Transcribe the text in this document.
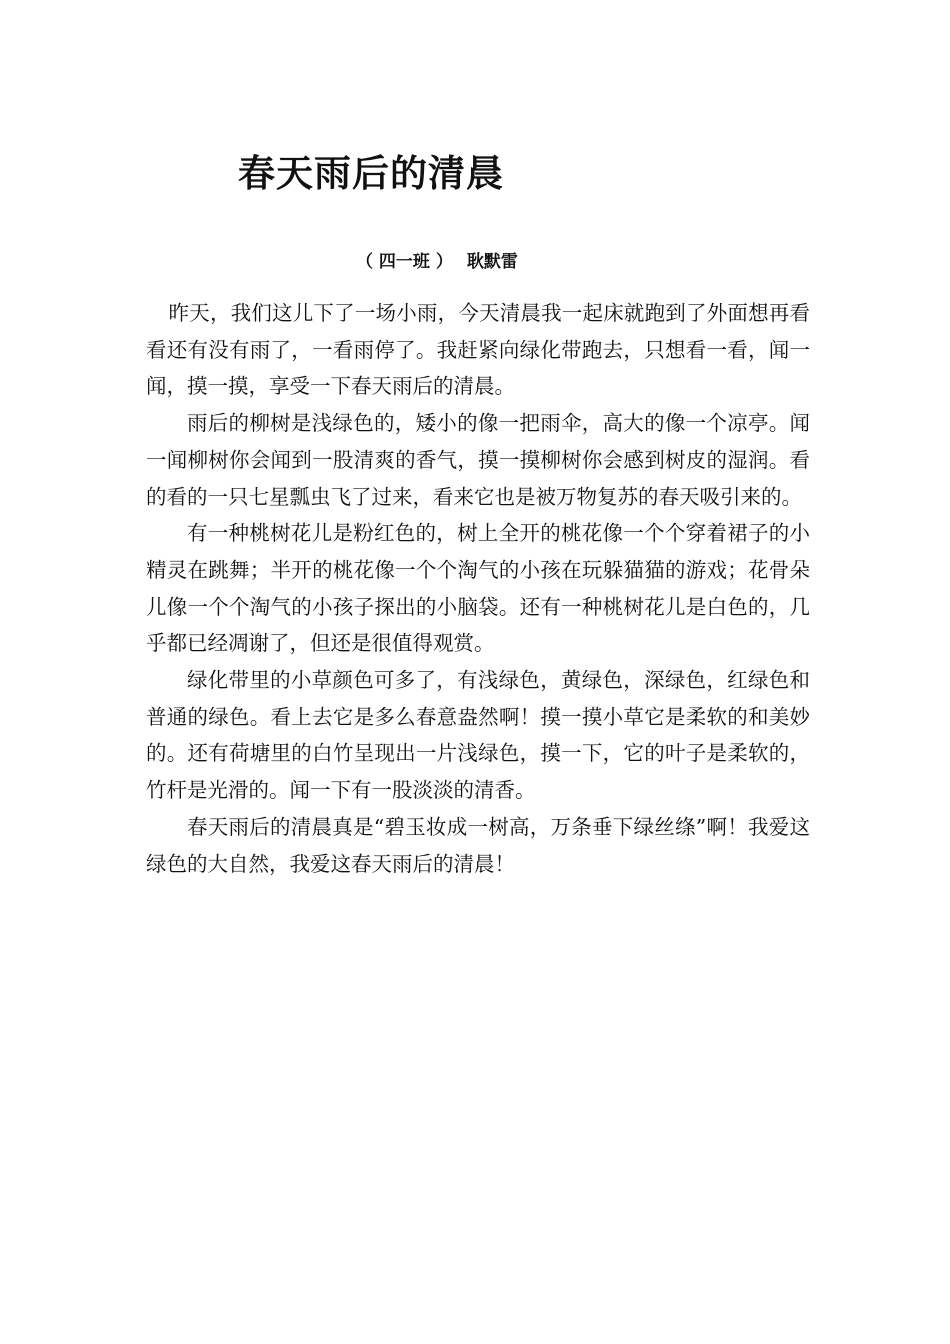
春天雨后的清晨
（ 四一班 ） 耿默雷

昨天，我们这儿下了一场小雨，今天清晨我一起床就跑到了外面想再看看还有没有雨了，一看雨停了。我赶紧向绿化带跑去，只想看一看，闻一闻，摸一摸，享受一下春天雨后的清晨。

雨后的柳树是浅绿色的，矮小的像一把雨伞，高大的像一个凉亭。闻一闻柳树你会闻到一股清爽的香气，摸一摸柳树你会感到树皮的湿润。看的看的一只七星瓢虫飞了过来，看来它也是被万物复苏的春天吸引来的。

有一种桃树花儿是粉红色的，树上全开的桃花像一个个穿着裙子的小精灵在跳舞；半开的桃花像一个个淘气的小孩在玩躲猫猫的游戏；花骨朵儿像一个个淘气的小孩子探出的小脑袋。还有一种桃树花儿是白色的，几乎都已经凋谢了，但还是很值得观赏。

绿化带里的小草颜色可多了，有浅绿色，黄绿色，深绿色，红绿色和普通的绿色。看上去它是多么春意盎然啊！摸一摸小草它是柔软的和美妙的。还有荷塘里的白竹呈现出一片浅绿色，摸一下，它的叶子是柔软的，竹杆是光滑的。闻一下有一股淡淡的清香。

春天雨后的清晨真是“碧玉妆成一树高，万条垂下绿丝绦”啊！我爱这绿色的大自然，我爱这春天雨后的清晨！
